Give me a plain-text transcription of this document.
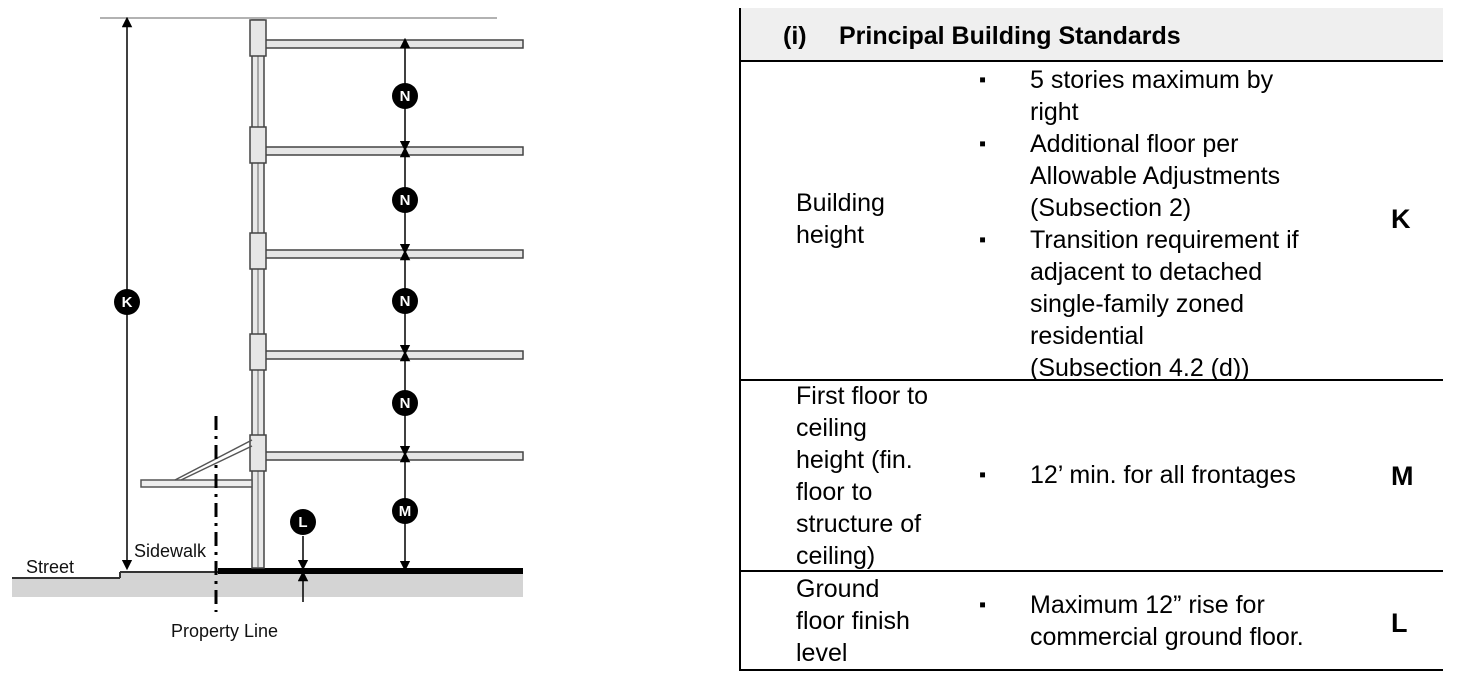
K
N
N
N
N
M
L
Street
Sidewalk
Property Line
(i) Principal Building Standards
Building
height
▪ 5 stories maximum by
right
▪ Additional floor per
Allowable Adjustments
(Subsection 2)
▪ Transition requirement if
adjacent to detached
single-family zoned
residential
(Subsection 4.2 (d))
K
First floor to
ceiling
height (fin.
floor to
structure of
ceiling)
▪ 12’ min. for all frontages	M
Ground
floor finish
level
▪ Maximum 12” rise for
commercial ground floor.	L
